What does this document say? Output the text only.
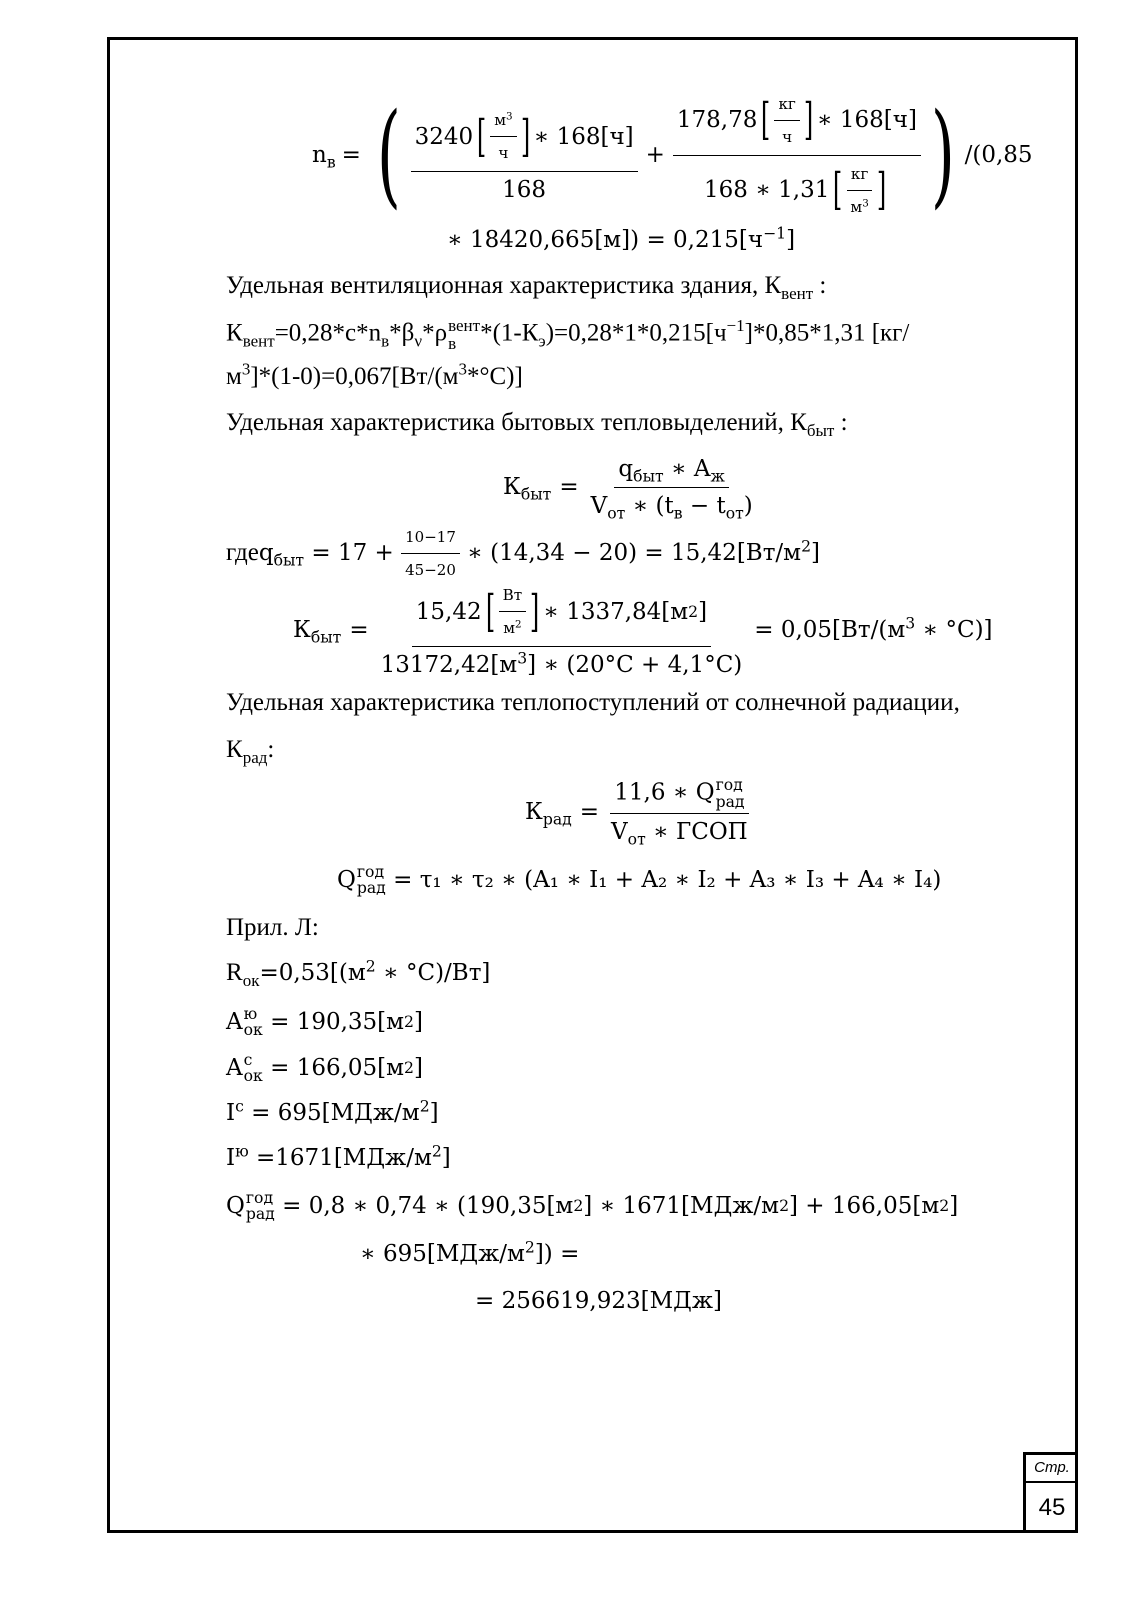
$n_в$ = ( $\frac{3240 [ \frac{м^3}{ч} ] ∗ 168[ч]}{168} + \frac{178,78 [ \frac{кг}{ч} ] ∗ 168[ч]}{168 ∗ 1,31 [ \frac{кг}{м^3} ]}$ ) /(0,85
∗ $18420,665[м]) = 0,215[ч^{-1}]$
Удельная вентиляционная характеристика здания, $К_{вент}$ :
$К_{вент}=0,28*c*n_в*\beta_\nu*\rho$ вент
в $*(1-К_э)=0,28*1*0,215[ч^{-1}]*0,85*1,31$ [кг/
$м^3]*(1-0)=0,067[Вт/(м^3*^\circ С)]$
Удельная характеристика бытовых тепловыделений, $К_{быт}$ :
$К_{быт} = \frac{q_{быт} ∗ A_ж}{V_{от} ∗ (t_в - t_{от})}$
где $q_{быт} = 17 + \frac{10-17}{45-20}$ ∗ $(14,34 - 20) = 15,42[Вт/м^2]$
$К_{быт} = \frac{15,42 [ \frac{Вт}{м^2} ] ∗ 1337,84[м 2 ]}{13172,42[м^3] ∗ (20^\circ C + 4,1^\circ C)} = 0,05[Вт/(м^3$ ∗ °C)]
Удельная характеристика теплопоступлений от солнечной радиации,
$К_{рад}$:
$К_{рад} = 11,6$ ∗ Q год
рад
$V_{от}$ ∗ ГСОП
Q год
рад = τ₁ ∗ τ₂ ∗ (A₁ ∗ I₁ + A₂ ∗ I₂ + A₃ ∗ I₃ + A₄ ∗ I₄)
Прил. Л:
$R_{ок}=0,53[(м^2$ ∗ °C)/Вт]
A ю
ок = 190,35[м 2 ]
A с
ок = 166,05[м 2 ]
$I^с = 695[МДж/м^2]$
$I^ю =1671[МДж/м^2]$
Q год
рад = 0,8 ∗ 0,74 ∗ (190,35[м 2 ] ∗ 1671[МДж/м 2 ] + 166,05[м 2 ]
∗ $695[МДж/м^2]$) =
= 256619,923[МДж]
Стр.
45
